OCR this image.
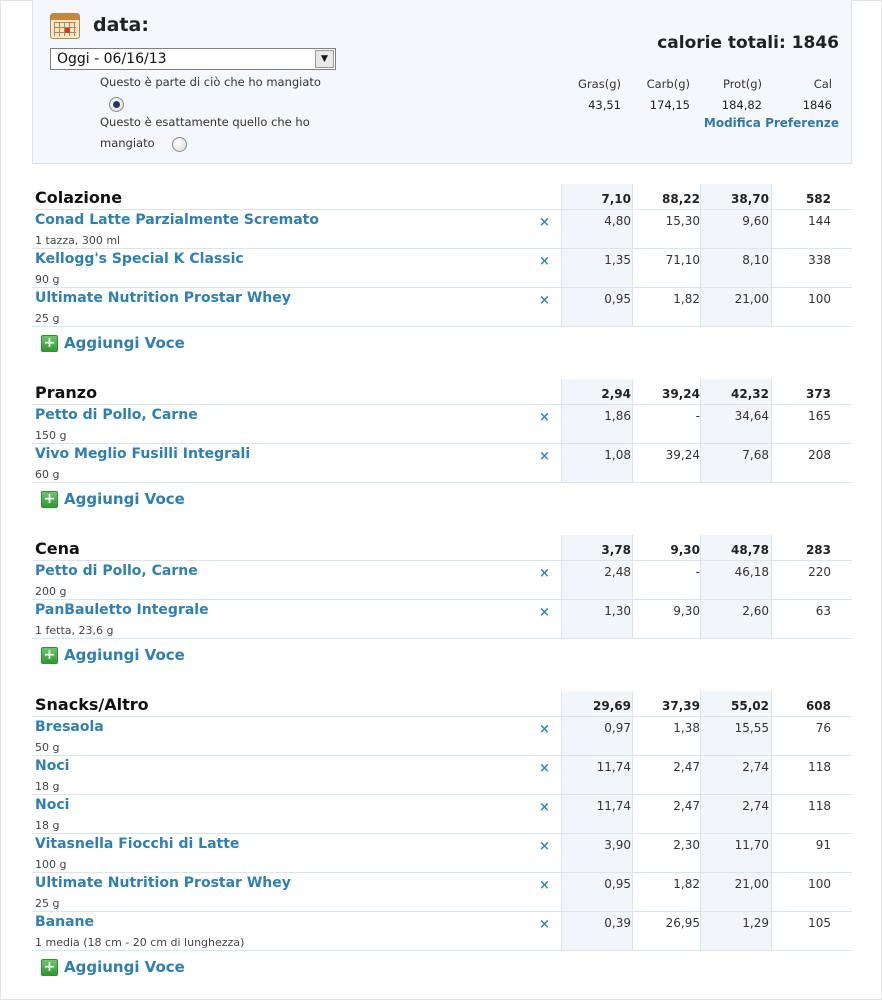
data:
Oggi - 06/16/13	▼
Questo è parte di ciò che ho mangiato
Questo è esattamente quello che ho
mangiato
calorie totali: 1846
Gras(g)	Carb(g)	Prot(g)	Cal
43,51	174,15	184,82	1846
Modifica Preferenze
Colazione	7,10	88,22	38,70	582
Conad Latte Parzialmente Scremato
1 tazza, 300 ml
×	4,80	15,30	9,60	144
Kellogg's Special K Classic
90 g
×	1,35	71,10	8,10	338
Ultimate Nutrition Prostar Whey
25 g
×	0,95	1,82	21,00	100
+ Aggiungi Voce
Pranzo	2,94	39,24	42,32	373
Petto di Pollo, Carne
150 g
×	1,86	-	34,64	165
Vivo Meglio Fusilli Integrali
60 g
×	1,08	39,24	7,68	208
+ Aggiungi Voce
Cena	3,78	9,30	48,78	283
Petto di Pollo, Carne
200 g
×	2,48	-	46,18	220
PanBauletto Integrale
1 fetta, 23,6 g
×	1,30	9,30	2,60	63
+ Aggiungi Voce
Snacks/Altro	29,69	37,39	55,02	608
Bresaola
50 g
×	0,97	1,38	15,55	76
Noci
18 g
×	11,74	2,47	2,74	118
Noci
18 g
×	11,74	2,47	2,74	118
Vitasnella Fiocchi di Latte
100 g
×	3,90	2,30	11,70	91
Ultimate Nutrition Prostar Whey
25 g
×	0,95	1,82	21,00	100
Banane
1 media (18 cm - 20 cm di lunghezza)
×	0,39	26,95	1,29	105
+ Aggiungi Voce
